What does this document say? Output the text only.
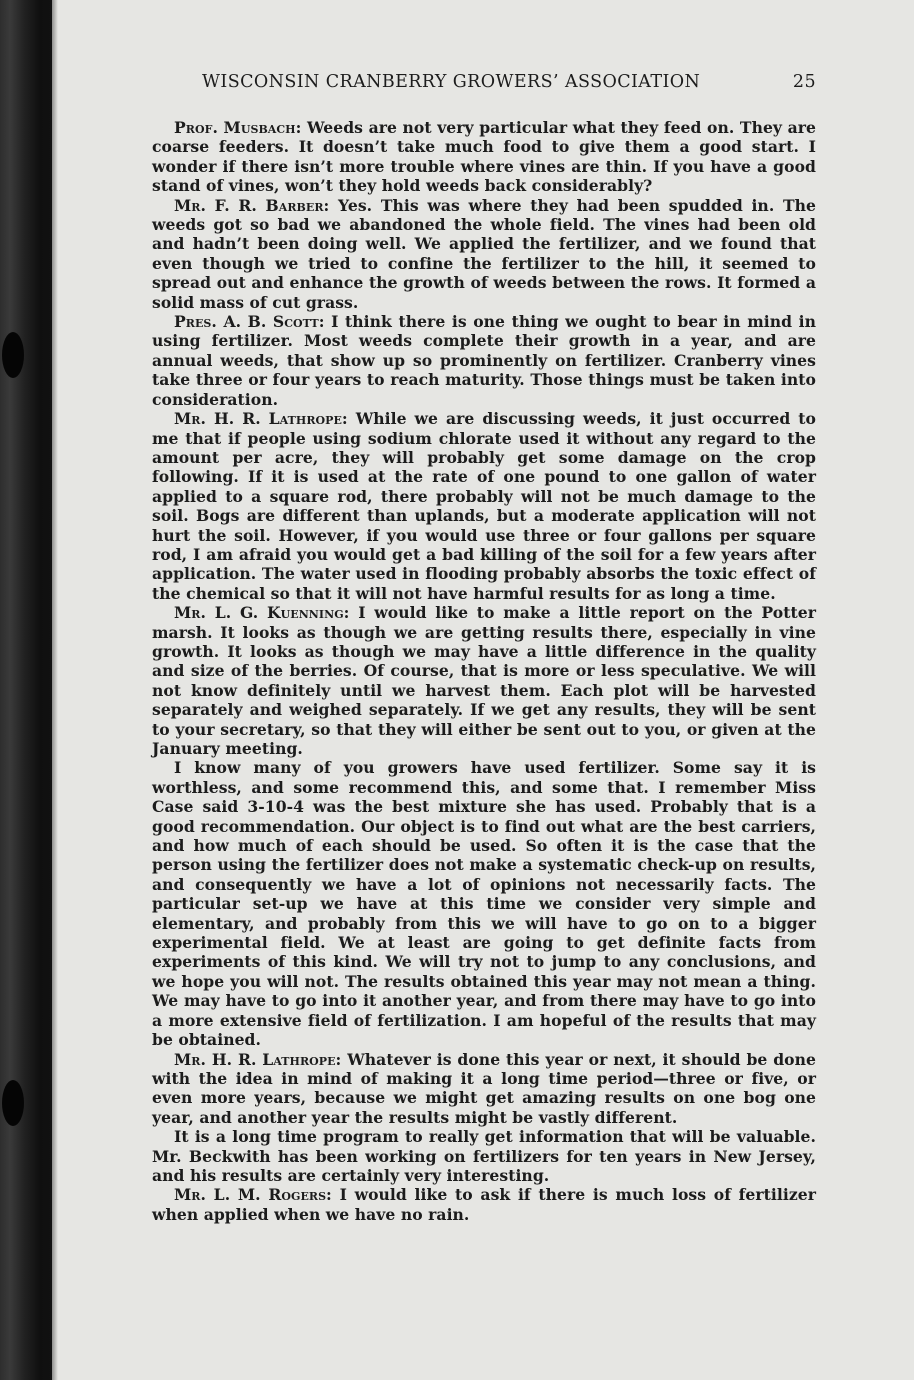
WISCONSIN CRANBERRY GROWERS’ ASSOCIATION	25

Prof. Musbach: Weeds are not very particular what they feed on. They are coarse feeders. It doesn’t take much food to give them a good start. I wonder if there isn’t more trouble where vines are thin. If you have a good stand of vines, won’t they hold weeds back considerably?

Mr. F. R. Barber: Yes. This was where they had been spudded in. The weeds got so bad we abandoned the whole field. The vines had been old and hadn’t been doing well. We applied the fertilizer, and we found that even though we tried to confine the fertilizer to the hill, it seemed to spread out and enhance the growth of weeds between the rows. It formed a solid mass of cut grass.

Pres. A. B. Scott: I think there is one thing we ought to bear in mind in using fertilizer. Most weeds complete their growth in a year, and are annual weeds, that show up so prominently on fertilizer. Cranberry vines take three or four years to reach maturity. Those things must be taken into consideration.

Mr. H. R. Lathrope: While we are discussing weeds, it just occurred to me that if people using sodium chlorate used it without any regard to the amount per acre, they will probably get some damage on the crop following. If it is used at the rate of one pound to one gallon of water applied to a square rod, there probably will not be much damage to the soil. Bogs are different than uplands, but a moderate application will not hurt the soil. However, if you would use three or four gallons per square rod, I am afraid you would get a bad killing of the soil for a few years after application. The water used in flooding probably absorbs the toxic effect of the chemical so that it will not have harmful results for as long a time.

Mr. L. G. Kuenning: I would like to make a little report on the Potter marsh. It looks as though we are getting results there, especially in vine growth. It looks as though we may have a little difference in the quality and size of the berries. Of course, that is more or less speculative. We will not know definitely until we harvest them. Each plot will be harvested separately and weighed separately. If we get any results, they will be sent to your secretary, so that they will either be sent out to you, or given at the January meeting.

I know many of you growers have used fertilizer. Some say it is worthless, and some recommend this, and some that. I remember Miss Case said 3-10-4 was the best mixture she has used. Probably that is a good recommendation. Our object is to find out what are the best carriers, and how much of each should be used. So often it is the case that the person using the fertilizer does not make a systematic check-up on results, and consequently we have a lot of opinions not necessarily facts. The particular set-up we have at this time we consider very simple and elementary, and probably from this we will have to go on to a bigger experimental field. We at least are going to get definite facts from experiments of this kind. We will try not to jump to any conclusions, and we hope you will not. The results obtained this year may not mean a thing. We may have to go into it another year, and from there may have to go into a more extensive field of fertilization. I am hopeful of the results that may be obtained.

Mr. H. R. Lathrope: Whatever is done this year or next, it should be done with the idea in mind of making it a long time period—three or five, or even more years, because we might get amazing results on one bog one year, and another year the results might be vastly different.

It is a long time program to really get information that will be valuable. Mr. Beckwith has been working on fertilizers for ten years in New Jersey, and his results are certainly very interesting.

Mr. L. M. Rogers: I would like to ask if there is much loss of fertilizer when applied when we have no rain.
